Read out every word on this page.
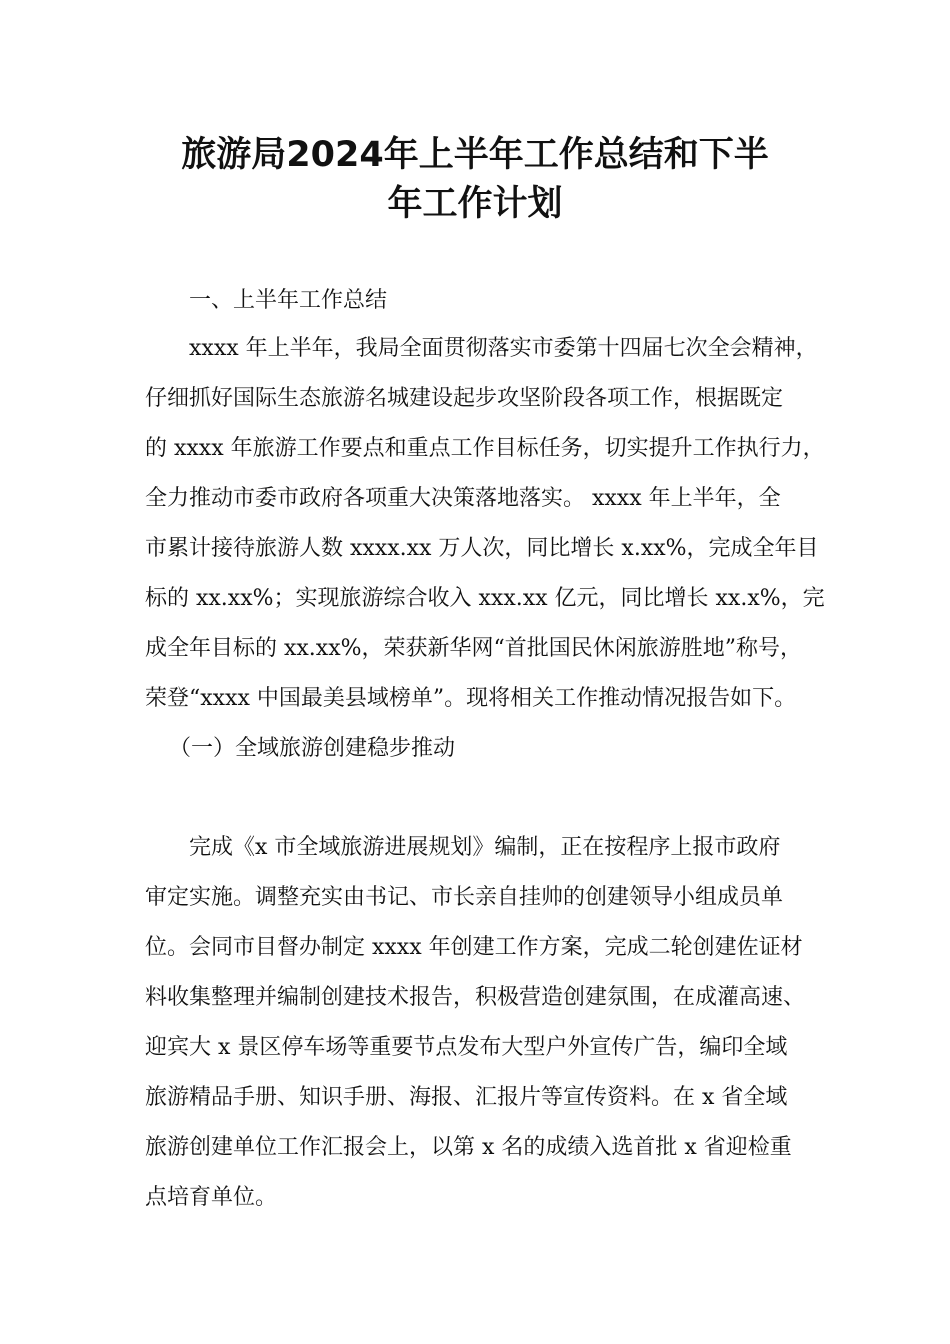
旅游局2024年上半年工作总结和下半
年工作计划
一、上半年工作总结
xxxx 年上半年，我局全面贯彻落实市委第十四届七次全会精神，
仔细抓好国际生态旅游名城建设起步攻坚阶段各项工作，根据既定
的 xxxx 年旅游工作要点和重点工作目标任务，切实提升工作执行力，
全力推动市委市政府各项重大决策落地落实。 xxxx 年上半年，全
市累计接待旅游人数 xxxx.xx 万人次，同比增长 x.xx%，完成全年目
标的 xx.xx%；实现旅游综合收入 xxx.xx 亿元，同比增长 xx.x%，完
成全年目标的 xx.xx%，荣获新华网“首批国民休闲旅游胜地”称号，
荣登“xxxx 中国最美县域榜单”。现将相关工作推动情况报告如下。
（一）全域旅游创建稳步推动
完成《x 市全域旅游进展规划》编制，正在按程序上报市政府
审定实施。调整充实由书记、市长亲自挂帅的创建领导小组成员单
位。会同市目督办制定 xxxx 年创建工作方案，完成二轮创建佐证材
料收集整理并编制创建技术报告，积极营造创建氛围，在成灌高速、
迎宾大 x 景区停车场等重要节点发布大型户外宣传广告，编印全域
旅游精品手册、知识手册、海报、汇报片等宣传资料。在 x 省全域
旅游创建单位工作汇报会上，以第 x 名的成绩入选首批 x 省迎检重
点培育单位。
